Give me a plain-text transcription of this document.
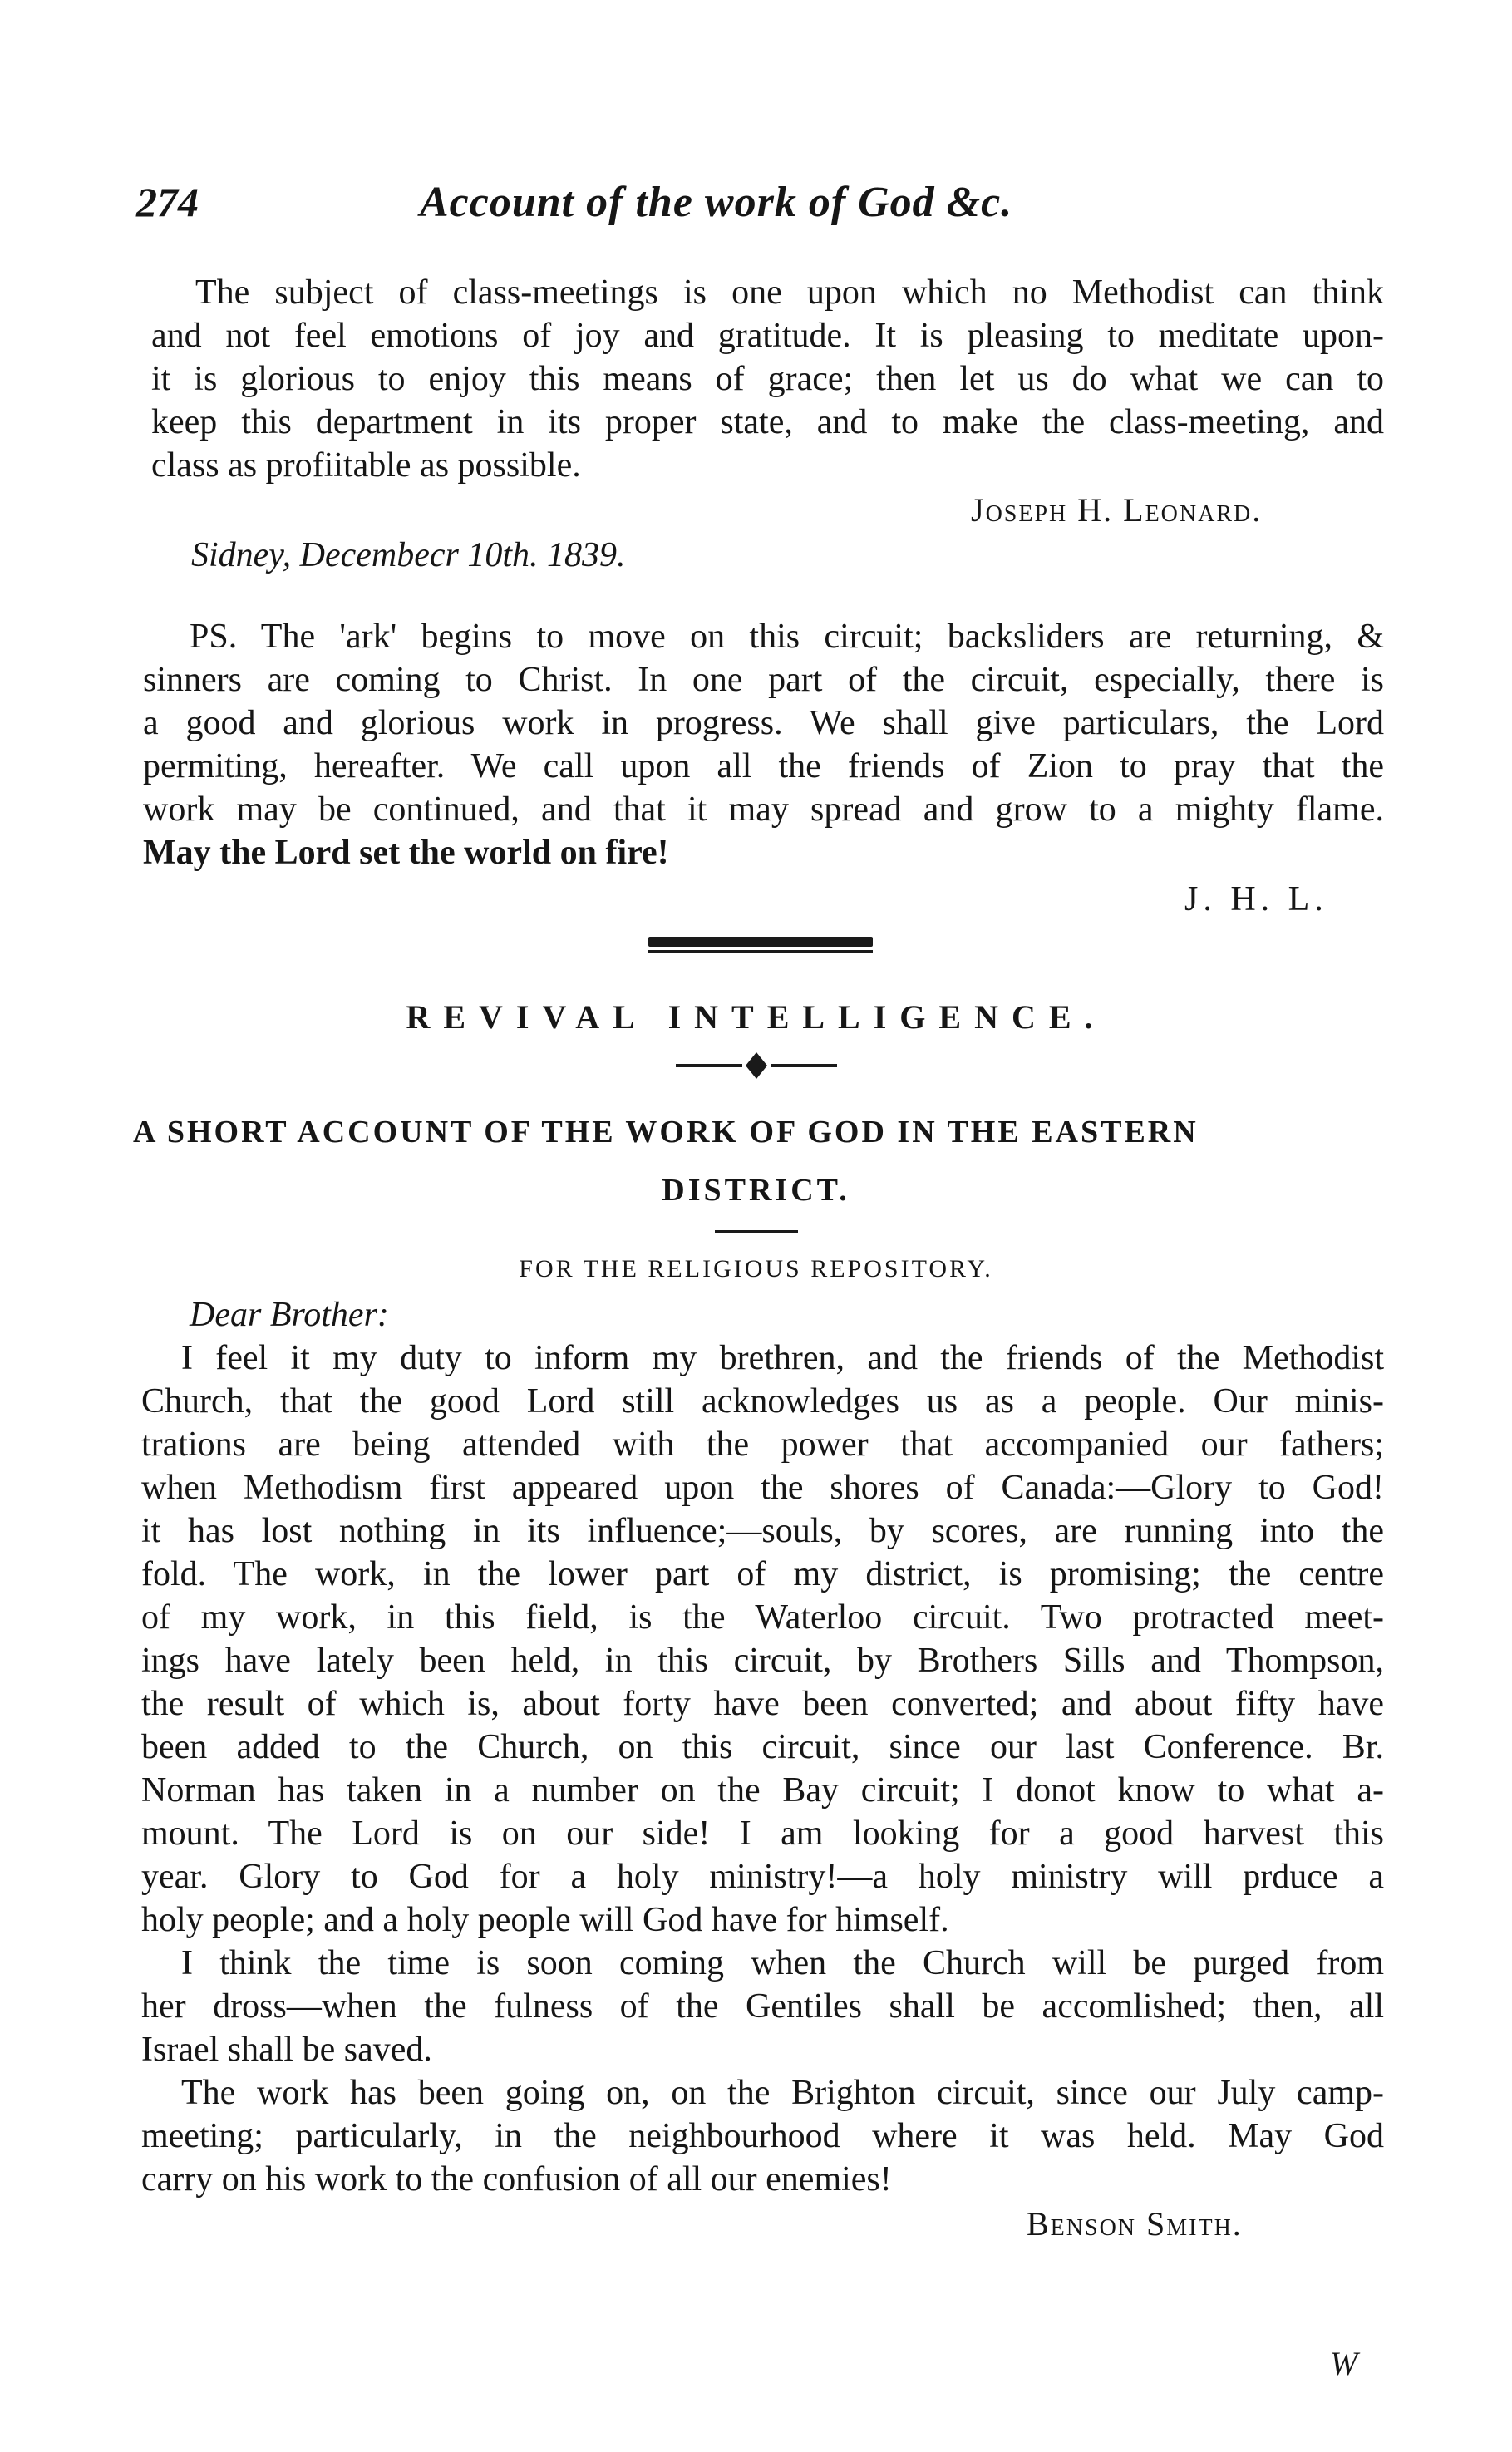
274	Account of the work of God &c.
The subject of class-meetings is one upon which no Methodist can think
and not feel emotions of joy and gratitude. It is pleasing to meditate upon-
it is glorious to enjoy this means of grace; then let us do what we can to
keep this department in its proper state, and to make the class-meeting, and
class as profiitable as possible.
Joseph H. Leonard.
Sidney, Decembecr 10th. 1839.
PS. The 'ark' begins to move on this circuit; backsliders are returning, &
sinners are coming to Christ. In one part of the circuit, especially, there is
a good and glorious work in progress. We shall give particulars, the Lord
permiting, hereafter. We call upon all the friends of Zion to pray that the
work may be continued, and that it may spread and grow to a mighty flame.
May the Lord set the world on fire!
J. H. L.
REVIVAL INTELLIGENCE.
A SHORT ACCOUNT OF THE WORK OF GOD IN THE EASTERN
DISTRICT.
FOR THE RELIGIOUS REPOSITORY.
Dear Brother:
I feel it my duty to inform my brethren, and the friends of the Methodist
Church, that the good Lord still acknowledges us as a people. Our minis-
trations are being attended with the power that accompanied our fathers;
when Methodism first appeared upon the shores of Canada:—Glory to God!
it has lost nothing in its influence;—souls, by scores, are running into the
fold. The work, in the lower part of my district, is promising; the centre
of my work, in this field, is the Waterloo circuit. Two protracted meet-
ings have lately been held, in this circuit, by Brothers Sills and Thompson,
the result of which is, about forty have been converted; and about fifty have
been added to the Church, on this circuit, since our last Conference. Br.
Norman has taken in a number on the Bay circuit; I donot know to what a-
mount. The Lord is on our side! I am looking for a good harvest this
year. Glory to God for a holy ministry!—a holy ministry will prduce a
holy people; and a holy people will God have for himself.
I think the time is soon coming when the Church will be purged from
her dross—when the fulness of the Gentiles shall be accomlished; then, all
Israel shall be saved.
The work has been going on, on the Brighton circuit, since our July camp-
meeting; particularly, in the neighbourhood where it was held. May God
carry on his work to the confusion of all our enemies!
Benson Smith.
W
